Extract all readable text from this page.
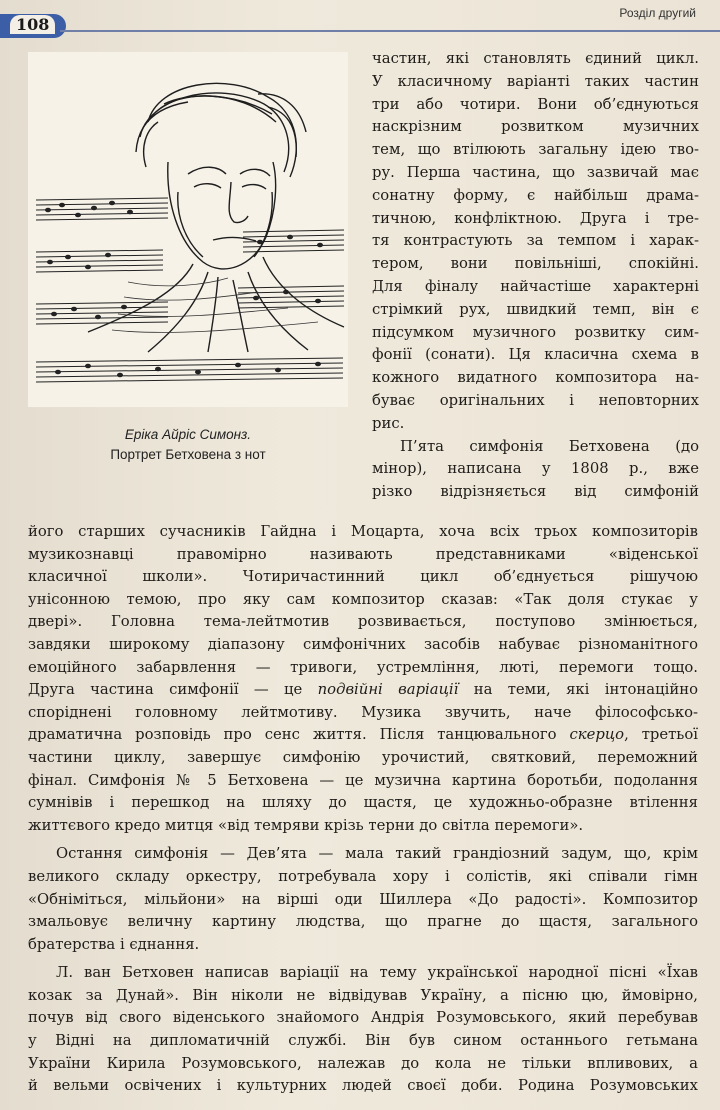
108
Розділ другий
Еріка Айріс Симонз.
Портрет Бетховена з нот
частин, які становлять єдиний цикл.
У класичному варіанті таких частин
три або чотири. Вони об’єднуються
наскрізним розвитком музичних
тем, що втілюють загальну ідею тво-
ру. Перша частина, що зазвичай має
сонатну форму, є найбільш драма-
тичною, конфліктною. Друга і тре-
тя контрастують за темпом і харак-
тером, вони повільніші, спокійні.
Для фіналу найчастіше характерні
стрімкий рух, швидкий темп, він є
підсумком музичного розвитку сим-
фонії (сонати). Ця класична схема в
кожного видатного композитора на-
буває оригінальних і неповторних
рис.
П’ята симфонія Бетховена (до
мінор), написана у 1808 р., вже
різко відрізняється від симфоній
його старших сучасників Гайдна і Моцарта, хоча всіх трьох композиторів
музикознавці правомірно називають представниками «віденської
класичної школи». Чотиричастинний цикл об’єднується рішучою
унісонною темою, про яку сам композитор сказав: «Так доля стукає у
двері». Головна тема-лейтмотив розвивається, поступово змінюється,
завдяки широкому діапазону симфонічних засобів набуває різноманітного
емоційного забарвлення — тривоги, устремління, люті, перемоги тощо.
Друга частина симфонії — це подвійні варіації на теми, які інтонаційно
споріднені головному лейтмотиву. Музика звучить, наче філософсько-
драматична розповідь про сенс життя. Після танцювального скерцо, третьої
частини циклу, завершує симфонію урочистий, святковий, переможний
фінал. Симфонія № 5 Бетховена — це музична картина боротьби, подолання
сумнівів і перешкод на шляху до щастя, це художньо-образне втілення
життєвого кредо митця «від темряви крізь терни до світла перемоги».
Остання симфонія — Дев’ята — мала такий грандіозний задум, що, крім
великого складу оркестру, потребувала хору і солістів, які співали гімн
«Обніміться, мільйони» на вірші оди Шиллера «До радості». Композитор
змальовує величну картину людства, що прагне до щастя, загального
братерства і єднання.
Л. ван Бетховен написав варіації на тему української народної пісні «Їхав
козак за Дунай». Він ніколи не відвідував Україну, а пісню цю, ймовірно,
почув від свого віденського знайомого Андрія Розумовського, який перебував
у Відні на дипломатичній службі. Він був сином останнього гетьмана
України Кирила Розумовського, належав до кола не тільки впливових, а
й вельми освічених і культурних людей своєї доби. Родина Розумовських
